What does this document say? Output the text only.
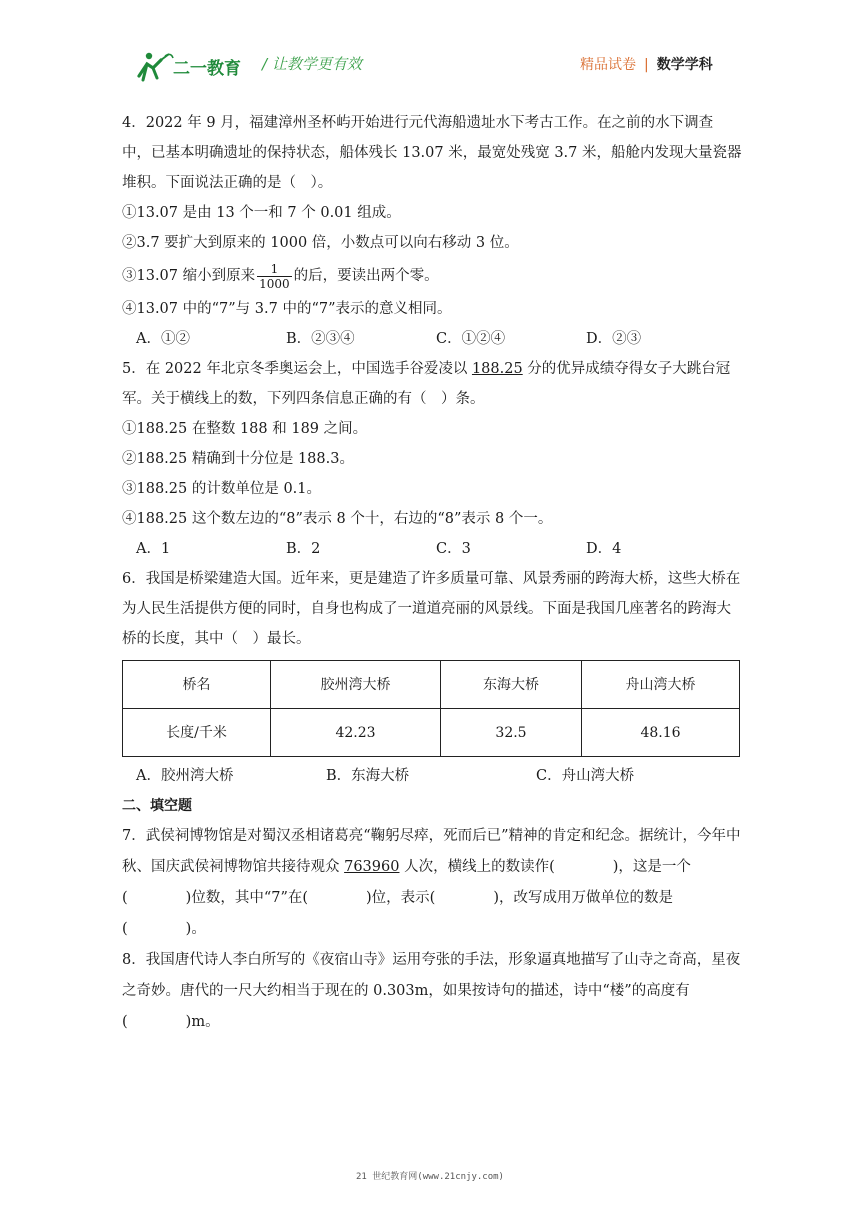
二一教育 / 让教学更有效	精品试卷 | 数学学科

4．2022 年 9 月，福建漳州圣杯屿开始进行元代海船遗址水下考古工作。在之前的水下调查中，已基本明确遗址的保持状态，船体残长 13.07 米，最宽处残宽 3.7 米，船舱内发现大量瓷器堆积。下面说法正确的是（　）。

①13.07 是由 13 个一和 7 个 0.01 组成。

②3.7 要扩大到原来的 1000 倍，小数点可以向右移动 3 位。

③13.07 缩小到原来 $\frac{1}{1000}$ 的后，要读出两个零。

④13.07 中的“7”与 3.7 中的“7”表示的意义相同。

A．①②	B．②③④	C．①②④	D．②③

5．在 2022 年北京冬季奥运会上，中国选手谷爱凌以 188.25 分的优异成绩夺得女子大跳台冠军。关于横线上的数，下列四条信息正确的有（　）条。

①188.25 在整数 188 和 189 之间。

②188.25 精确到十分位是 188.3。

③188.25 的计数单位是 0.1。

④188.25 这个数左边的“8”表示 8 个十，右边的“8”表示 8 个一。

A．1	B．2	C．3	D．4

6．我国是桥梁建造大国。近年来，更是建造了许多质量可靠、风景秀丽的跨海大桥，这些大桥在为人民生活提供方便的同时，自身也构成了一道道亮丽的风景线。下面是我国几座著名的跨海大桥的长度，其中（　）最长。

桥名	胶州湾大桥	东海大桥	舟山湾大桥
长度/千米	42.23	32.5	48.16
A．胶州湾大桥	B．东海大桥	C．舟山湾大桥

二、填空题

7．武侯祠博物馆是对蜀汉丞相诸葛亮“鞠躬尽瘁，死而后已”精神的肯定和纪念。据统计，今年中秋、国庆武侯祠博物馆共接待观众 763960 人次，横线上的数读作(　　　　)，这是一个(　　　　)位数，其中“7”在(　　　　)位，表示(　　　　)，改写成用万做单位的数是(　　　　)。

8．我国唐代诗人李白所写的《夜宿山寺》运用夸张的手法，形象逼真地描写了山寺之奇高，星夜之奇妙。唐代的一尺大约相当于现在的 0.303m，如果按诗句的描述，诗中“楼”的高度有(　　　　)m。

21 世纪教育网(www.21cnjy.com)
